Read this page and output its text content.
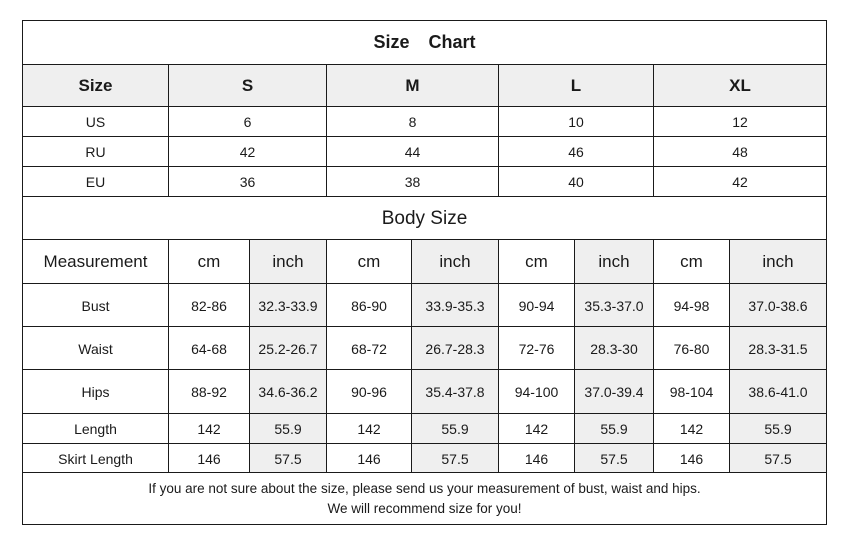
Size Chart
Size	S	M	L	XL
US	6	8	10	12
RU	42	44	46	48
EU	36	38	40	42
Body Size
Measurement	cm	inch	cm	inch	cm	inch	cm	inch
Bust	82-86	32.3-33.9	86-90	33.9-35.3	90-94	35.3-37.0	94-98	37.0-38.6
Waist	64-68	25.2-26.7	68-72	26.7-28.3	72-76	28.3-30	76-80	28.3-31.5
Hips	88-92	34.6-36.2	90-96	35.4-37.8	94-100	37.0-39.4	98-104	38.6-41.0
Length	142	55.9	142	55.9	142	55.9	142	55.9
Skirt Length	146	57.5	146	57.5	146	57.5	146	57.5
If you are not sure about the size, please send us your measurement of bust, waist and hips.
We will recommend size for you!
